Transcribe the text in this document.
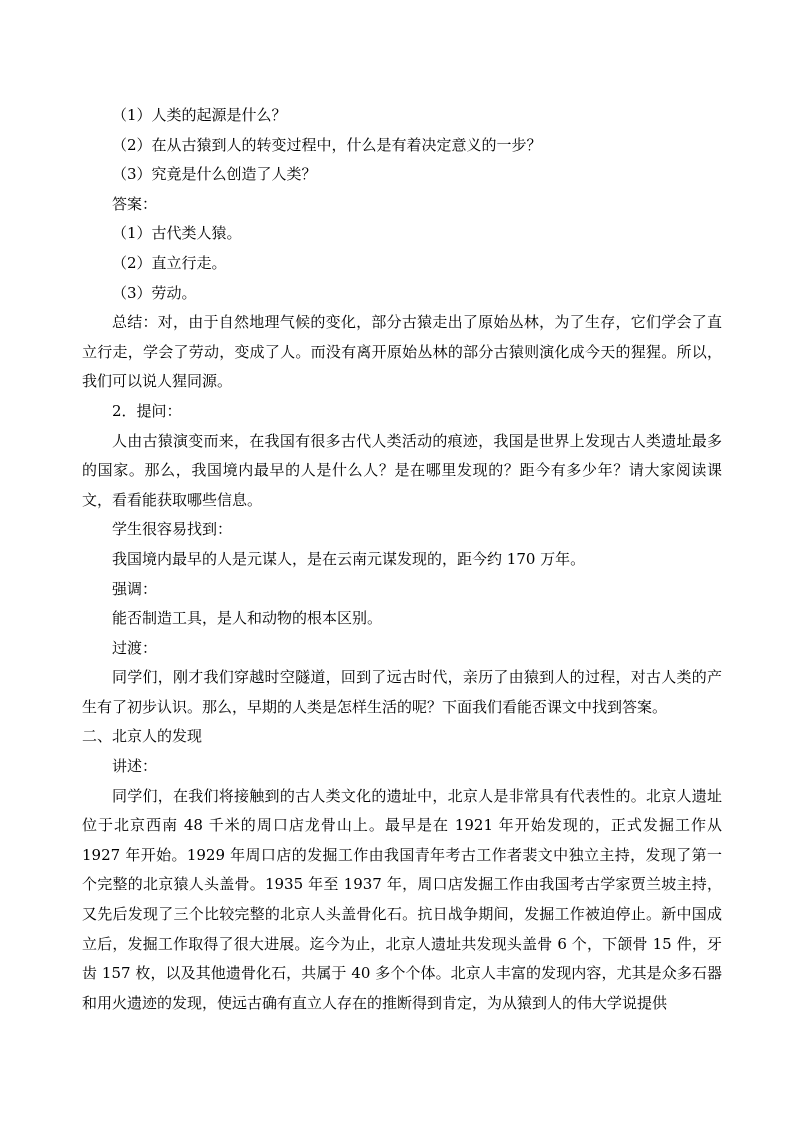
（1）人类的起源是什么？

（2）在从古猿到人的转变过程中，什么是有着决定意义的一步？

（3）究竟是什么创造了人类？

答案：

（1）古代类人猿。

（2）直立行走。

（3）劳动。

总结：对，由于自然地理气候的变化，部分古猿走出了原始丛林，为了生存，它们学会了直立行走，学会了劳动，变成了人。而没有离开原始丛林的部分古猿则演化成今天的猩猩。所以，我们可以说人猩同源。

2．提问：

人由古猿演变而来，在我国有很多古代人类活动的痕迹，我国是世界上发现古人类遗址最多的国家。那么，我国境内最早的人是什么人？是在哪里发现的？距今有多少年？请大家阅读课文，看看能获取哪些信息。

学生很容易找到：

我国境内最早的人是元谋人，是在云南元谋发现的，距今约 170 万年。

强调：

能否制造工具，是人和动物的根本区别。

过渡：

同学们，刚才我们穿越时空隧道，回到了远古时代，亲历了由猿到人的过程，对古人类的产生有了初步认识。那么，早期的人类是怎样生活的呢？下面我们看能否课文中找到答案。

二、北京人的发现

讲述：

同学们，在我们将接触到的古人类文化的遗址中，北京人是非常具有代表性的。北京人遗址位于北京西南 48 千米的周口店龙骨山上。最早是在 1921 年开始发现的，正式发掘工作从 1927 年开始。1929 年周口店的发掘工作由我国青年考古工作者裴文中独立主持，发现了第一个完整的北京猿人头盖骨。1935 年至 1937 年，周口店发掘工作由我国考古学家贾兰坡主持，又先后发现了三个比较完整的北京人头盖骨化石。抗日战争期间，发掘工作被迫停止。新中国成立后，发掘工作取得了很大进展。迄今为止，北京人遗址共发现头盖骨 6 个，下颌骨 15 件，牙齿 157 枚，以及其他遗骨化石，共属于 40 多个个体。北京人丰富的发现内容，尤其是众多石器和用火遗迹的发现，使远古确有直立人存在的推断得到肯定，为从猿到人的伟大学说提供
